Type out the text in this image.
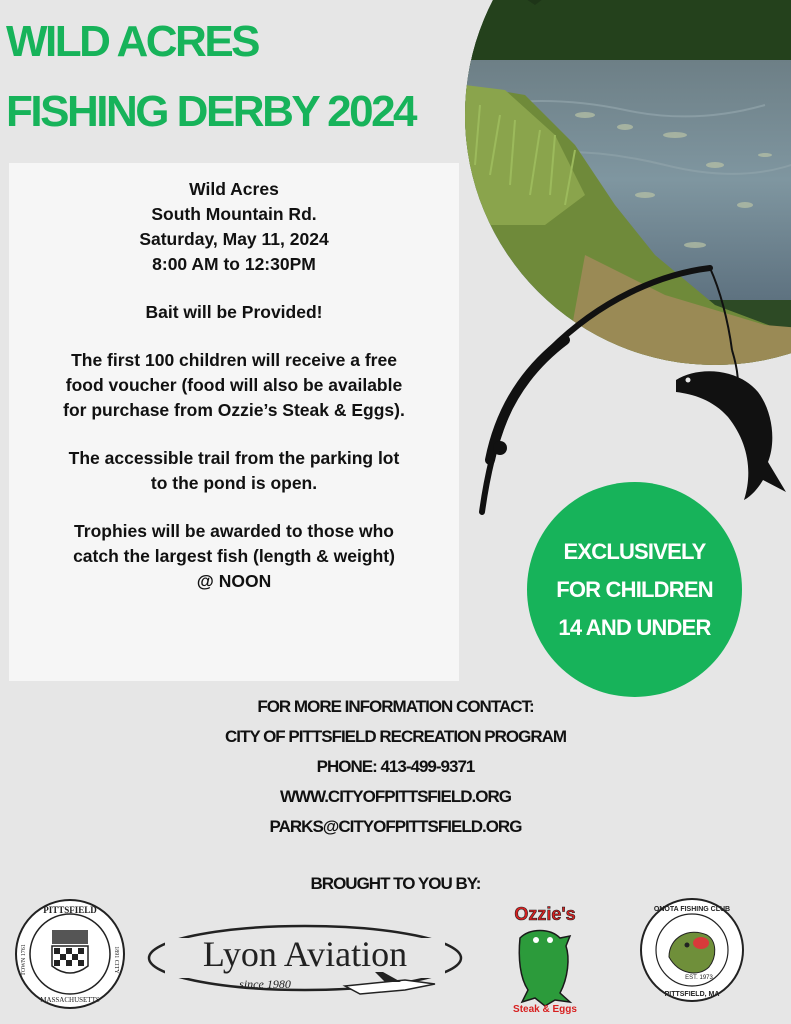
WILD ACRES
FISHING DERBY 2024

Wild Acres

South Mountain Rd.

Saturday, May 11, 2024

8:00 AM to 12:30PM

Bait will be Provided!

The first 100 children will receive a free

food voucher (food will also be available

for purchase from Ozzie’s Steak & Eggs).

The accessible trail from the parking lot

to the pond is open.

Trophies will be awarded to those who

catch the largest fish (length & weight)

@ NOON

EXCLUSIVELY
FOR CHILDREN
14 AND UNDER
FOR MORE INFORMATION CONTACT:
CITY OF PITTSFIELD RECREATION PROGRAM
PHONE: 413-499-9371
WWW.CITYOFPITTSFIELD.ORG
PARKS@CITYOFPITTSFIELD.ORG
BROUGHT TO YOU BY:
PITTSFIELD
MASSACHUSETTS
TOWN 1761	1891 CITY Lyon Aviation
since 1980
Ozzie's
Steak & Eggs
ONOTA FISHING CLUB
PITTSFIELD, MA
EST. 1973
